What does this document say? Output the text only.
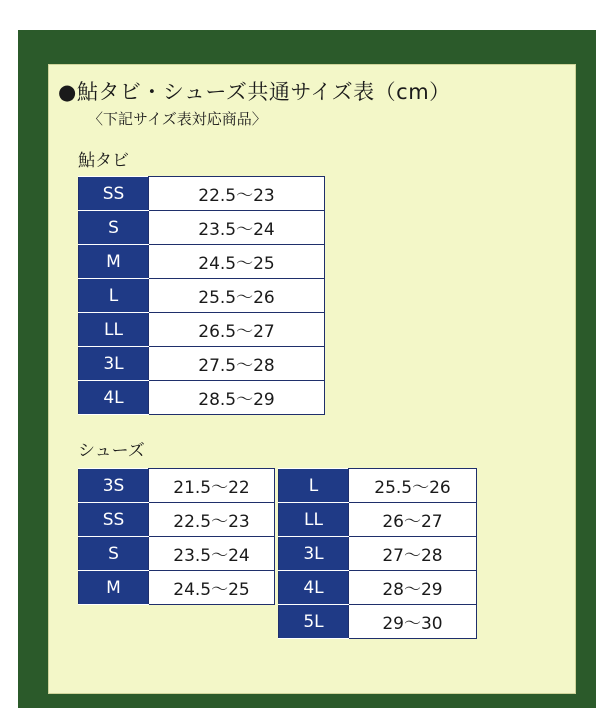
●鮎タビ・シューズ共通サイズ表（cm）
〈下記サイズ表対応商品〉
鮎タビ
SS	22.5～23
S	23.5～24
M	24.5～25
L	25.5～26
LL	26.5～27
3L	27.5～28
4L	28.5～29
シューズ
3S	21.5～22
SS	22.5～23
S	23.5～24
M	24.5～25
L	25.5～26
LL	26～27
3L	27～28
4L	28～29
5L	29～30
